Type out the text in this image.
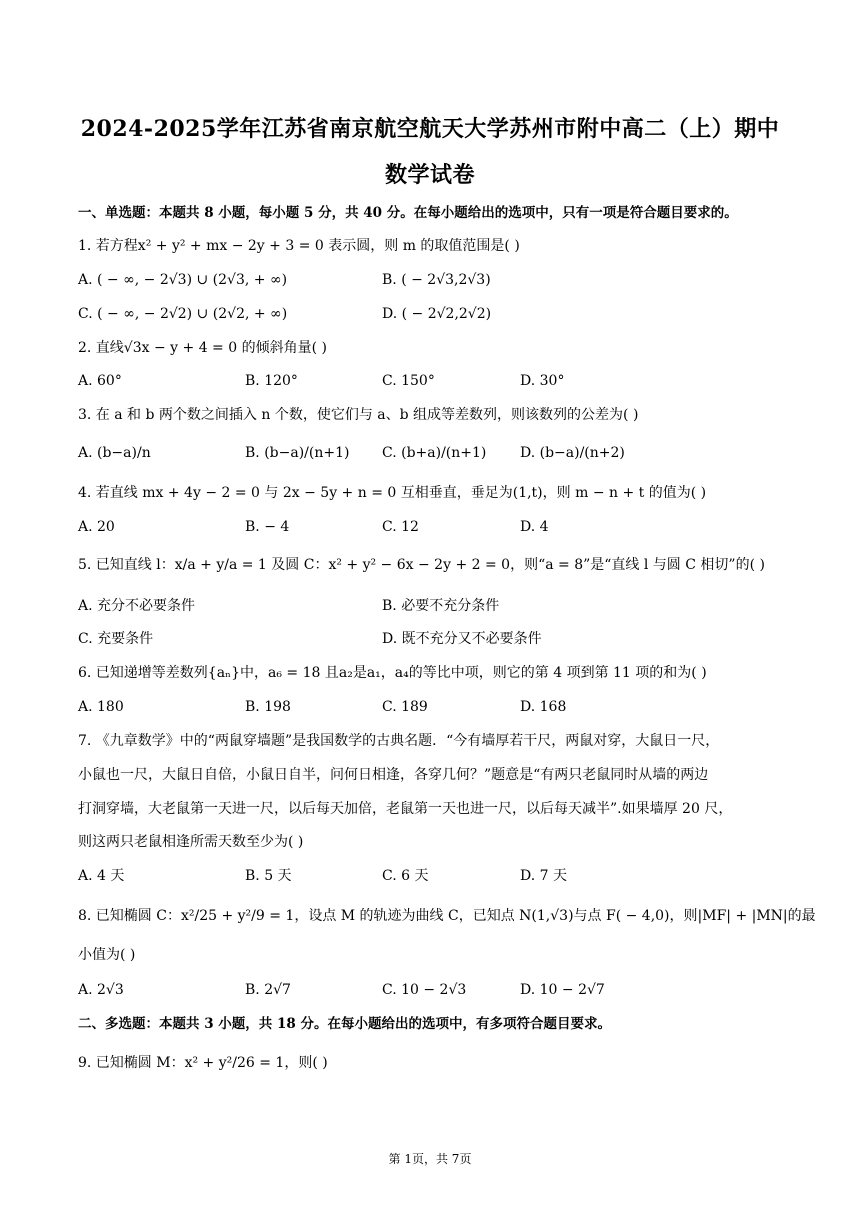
2024-2025学年江苏省南京航空航天大学苏州市附中高二（上）期中
数学试卷
一、单选题：本题共 8 小题，每小题 5 分，共 40 分。在每小题给出的选项中，只有一项是符合题目要求的。
1. 若方程x² + y² + mx − 2y + 3 = 0 表示圆，则 m 的取值范围是( )
A. ( − ∞, − 2√3) ∪ (2√3, + ∞)	B. ( − 2√3,2√3)
C. ( − ∞, − 2√2) ∪ (2√2, + ∞)	D. ( − 2√2,2√2)
2. 直线√3x − y + 4 = 0 的倾斜角量( )
A. 60°	B. 120°	C. 150°	D. 30°
3. 在 a 和 b 两个数之间插入 n 个数，使它们与 a、b 组成等差数列，则该数列的公差为( )
A. (b−a)/n	B. (b−a)/(n+1) C. (b+a)/(n+1) D. (b−a)/(n+2)
4. 若直线 mx + 4y − 2 = 0 与 2x − 5y + n = 0 互相垂直，垂足为(1,t)，则 m − n + t 的值为( )
A. 20	B. − 4	C. 12	D. 4
5. 已知直线 l：x/a + y/a = 1 及圆 C：x² + y² − 6x − 2y + 2 = 0，则“a = 8”是“直线 l 与圆 C 相切”的( )
A. 充分不必要条件	B. 必要不充分条件
C. 充要条件	D. 既不充分又不必要条件
6. 已知递增等差数列{aₙ}中，a₆ = 18 且a₂是a₁，a₄的等比中项，则它的第 4 项到第 11 项的和为( )
A. 180	B. 198	C. 189	D. 168
7. 《九章数学》中的“两鼠穿墙题”是我国数学的古典名题．“今有墙厚若干尺，两鼠对穿，大鼠日一尺，
小鼠也一尺，大鼠日自倍，小鼠日自半，问何日相逢，各穿几何？”题意是“有两只老鼠同时从墙的两边
打洞穿墙，大老鼠第一天进一尺，以后每天加倍，老鼠第一天也进一尺，以后每天减半”.如果墙厚 20 尺，
则这两只老鼠相逢所需天数至少为( )
A. 4 天	B. 5 天	C. 6 天	D. 7 天
8. 已知椭圆 C：x²/25 + y²/9 = 1，设点 M 的轨迹为曲线 C，已知点 N(1,√3)与点 F( − 4,0)，则|MF| + |MN|的最
小值为( )
A. 2√3	B. 2√7	C. 10 − 2√3	D. 10 − 2√7
二、多选题：本题共 3 小题，共 18 分。在每小题给出的选项中，有多项符合题目要求。
9. 已知椭圆 M：x² + y²/26 = 1，则( )
第 1页，共 7页
